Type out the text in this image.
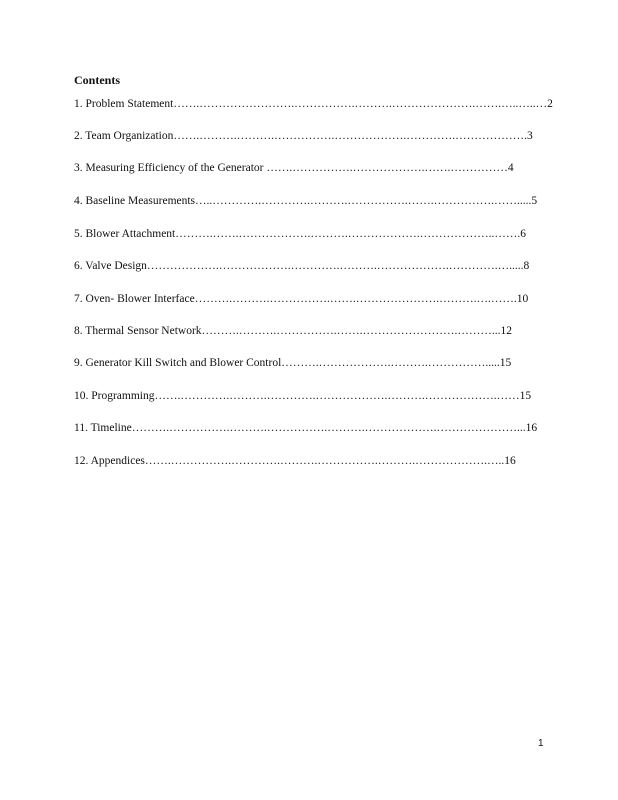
Contents
1. Problem Statement…….…………………….…………….……….………………….…….…..…..…2
2. Team Organization…….……….……….…………….……………….………….……………….3
3. Measuring Efficiency of the Generator …….…………….……………….…….……………4
4. Baseline Measurements…..………….………….……….…………….…….…………….…….....5
5. Blower Attachment……….…….……………….……….……………….………………..…….6
6. Valve Design……………….……………….………….……….……………….………….….....8
7. Oven- Blower Interface……….……….…………….…….………………….……….….…….10
8. Thermal Sensor Network……….……….…………….…….…………………….………...12
9. Generator Kill Switch and Blower Control……….……………….……….…………….....15
10. Programming…….………….……….………….……………….……….……………….……15
11. Timeline……….…………….……….…………….……….……………….…………………...16
12. Appendices…….…………….………….……….…………….……….……………….…..16
1
